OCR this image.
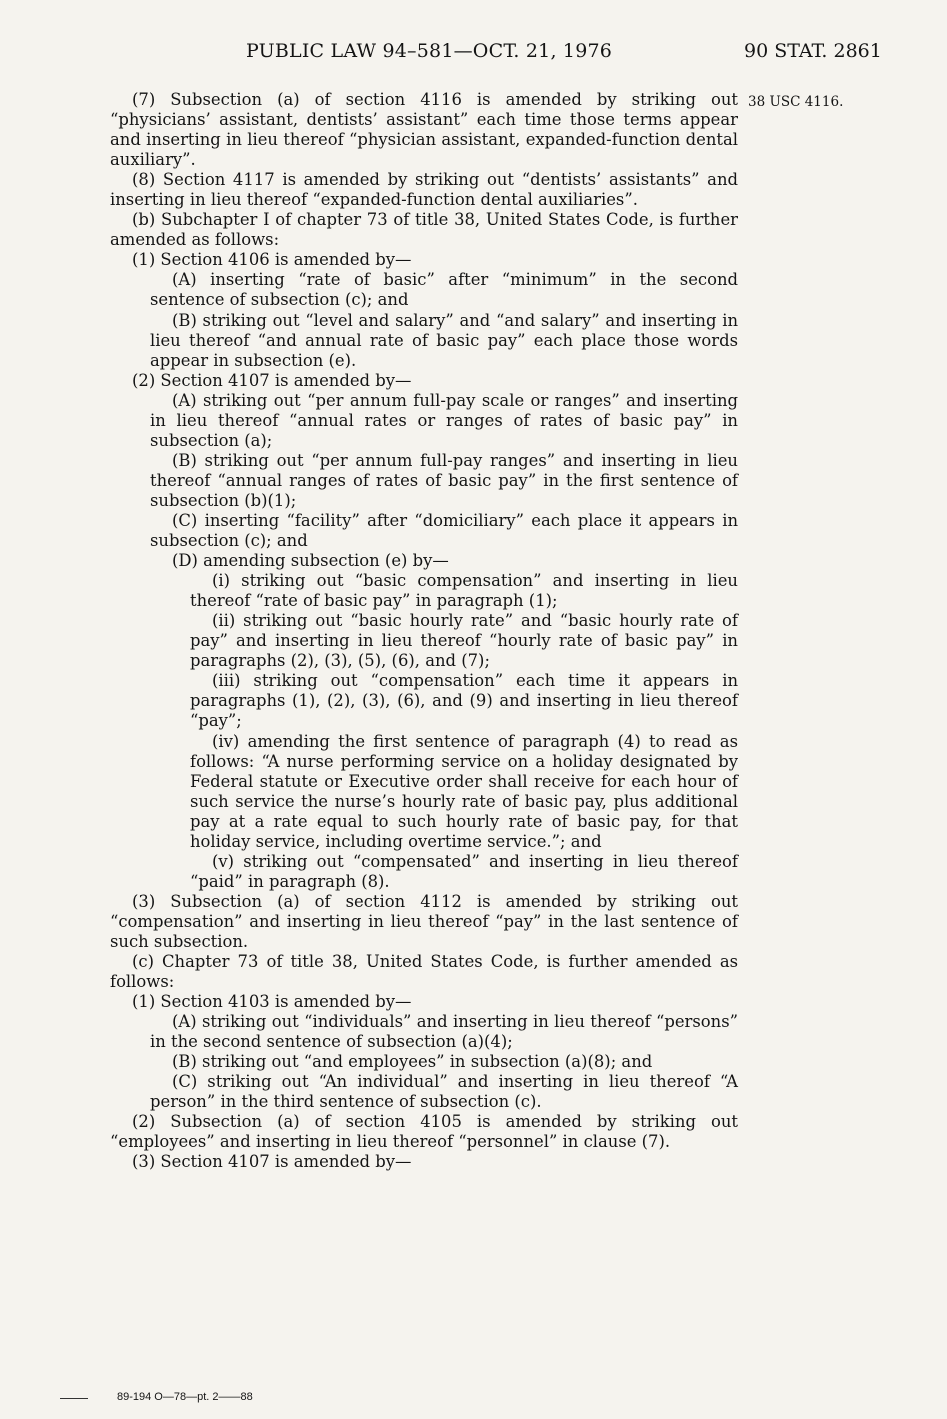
PUBLIC LAW 94–581—OCT. 21, 1976	90 STAT. 2861
38 USC 4116.

(7) Subsection (a) of section 4116 is amended by striking out “physicians’ assistant, dentists’ assistant” each time those terms appear and inserting in lieu thereof “physician assistant, expanded-function dental auxiliary”.

(8) Section 4117 is amended by striking out “dentists’ assistants” and inserting in lieu thereof “expanded-function dental auxiliaries”.

(b) Subchapter I of chapter 73 of title 38, United States Code, is further amended as follows:

(1) Section 4106 is amended by—

(A) inserting “rate of basic” after “minimum” in the second sentence of subsection (c); and

(B) striking out “level and salary” and “and salary” and inserting in lieu thereof “and annual rate of basic pay” each place those words appear in subsection (e).

(2) Section 4107 is amended by—

(A) striking out “per annum full-pay scale or ranges” and inserting in lieu thereof “annual rates or ranges of rates of basic pay” in subsection (a);

(B) striking out “per annum full-pay ranges” and inserting in lieu thereof “annual ranges of rates of basic pay” in the first sentence of subsection (b)(1);

(C) inserting “facility” after “domiciliary” each place it appears in subsection (c); and

(D) amending subsection (e) by—

(i) striking out “basic compensation” and inserting in lieu thereof “rate of basic pay” in paragraph (1);

(ii) striking out “basic hourly rate” and “basic hourly rate of pay” and inserting in lieu thereof “hourly rate of basic pay” in paragraphs (2), (3), (5), (6), and (7);

(iii) striking out “compensation” each time it appears in paragraphs (1), (2), (3), (6), and (9) and inserting in lieu thereof “pay”;

(iv) amending the first sentence of paragraph (4) to read as follows: “A nurse performing service on a holiday designated by Federal statute or Executive order shall receive for each hour of such service the nurse’s hourly rate of basic pay, plus additional pay at a rate equal to such hourly rate of basic pay, for that holiday service, including overtime service.”; and

(v) striking out “compensated” and inserting in lieu thereof “paid” in paragraph (8).

(3) Subsection (a) of section 4112 is amended by striking out “compensation” and inserting in lieu thereof “pay” in the last sentence of such subsection.

(c) Chapter 73 of title 38, United States Code, is further amended as follows:

(1) Section 4103 is amended by—

(A) striking out “individuals” and inserting in lieu thereof “persons” in the second sentence of subsection (a)(4);

(B) striking out “and employees” in subsection (a)(8); and

(C) striking out “An individual” and inserting in lieu thereof “A person” in the third sentence of subsection (c).

(2) Subsection (a) of section 4105 is amended by striking out “employees” and inserting in lieu thereof “personnel” in clause (7).

(3) Section 4107 is amended by—

89-194 O—78—pt. 2——88
